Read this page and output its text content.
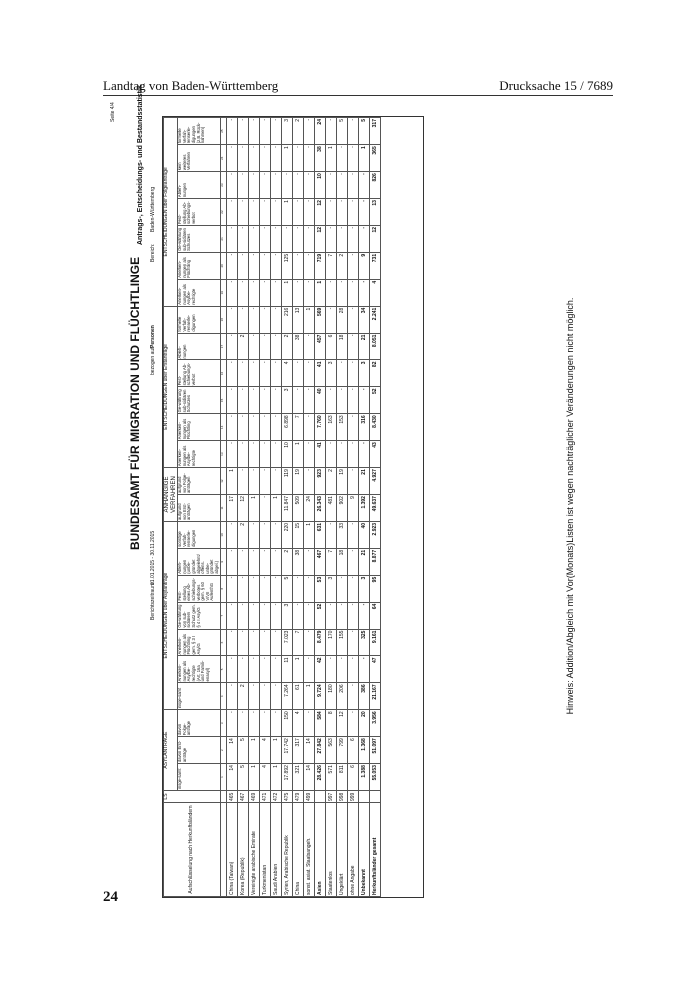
Landtag von Baden-Württemberg	Drucksache 15 / 7689
Seite 4/4
BUNDESAMT FÜR MIGRATION UND FLÜCHTLINGE
Antrags-, Entscheidungs- und Bestandsstatistik
Berichtszeitraum:
01.01.2015 - 30.11.2015
bezogen auf:
Personen
Bereich:
Baden-Württemberg
Aufschlüsselung nach Herkunftsländern	LS	ASYLANTRÄGE			ENTSCHEIDUNGEN über Asylanträge							ANHÄNGIGE VERFAHREN		ENTSCHEIDUNGEN über Erstanträge						ENTSCHEIDUNGEN über Folgeanträge						
		insge-samt	davon Erst-anträge	davon Folge-anträge	insge-samt	Anerken-nungen als Asylbe-rechtigte (Art. 16a und Famili-enasyl)	Anerken-nungen als Flüchtling gem. § 3 I AsylG	Ge-währung von sub-sidiärem Schutz gem. § 4 I AsylG	Fest-stellung eines Ab-schiebungs-verbotes gem. § 60 V/VII AufenthG	Ableh-nungen (unbe-gründet abgelehnt/ offens. unbe-gründet abgel.)	sonstige Verfah-renserle-digungen	aufgrund von Erst-anträgen	aufgrund von Folge-anträgen	Anerken-nungen als Asylbe-rechtigte	Anerken-nungen als Flüchtling	Ge-währung sub-sidiären Schutzes	Fest-stellung Ab-schiebungs-verbot	Ableh-nungen	formelle Verfah-renserle-digungen	Anerken-nungen als Asylbe-rechtigte	Anerken-nungen als Flüchtling	Ge-währung sub-sidiären Schutzes	Fest-stellung Ab-schiebungs-verbot	Ableh-nungen	kein weiteres Verfahren	formelle Verfah-renserle-digungen (z.B. Rück-nahmen)
		1	2	3	4	5	6	7	8	9	10	11	12	13	14	15	16	17	18	19	20	21	22	23	24	25
China (Taiwan)	465	14	14	-	-	-	-	-	-	-	-	17	1	-	-	-	-	-	-	-	-	-	-	-	-	-
Korea (Republik)	467	5	5	-	2	-	-	-	-	-	2	12	-	-	-	-	-	2	-	-	-	-	-	-	-	-
Vereinigte arabische Emirate	469	1	1	-	-	-	-	-	-	-	-	1	-	-	-	-	-	-	-	-	-	-	-	-	-	-
Turkmenistan	471	4	4	-	-	-	-	-	-	-	-	-	-	-	-	-	-	-	-	-	-	-	-	-	-	-
Saudi Arabien	472	1	1	-	-	-	-	-	-	-	-	1	-	-	-	-	-	-	-	-	-	-	-	-	-	-
Syrien, Arabische Republik	475	17.892	17.742	150	7.264	11	7.023	3	5	2	220	11.847	119	10	6.898	3	4	2	216	1	125	-	1	-	1	3
China	479	321	317	4	61	1	7	-	-	38	15	509	19	1	7	-	-	38	13	-	-	-	-	-	-	2
sonst. asiat. Staatsangeh.	499	14	14	-	1	-	-	-	-	-	1	24	-	-	-	-	-	-	1	-	-	-	-	-	-	-
Asien		28.426	27.842	584	9.724	42	8.479	52	53	467	631	26.343	923	41	7.760	40	41	457	569	1	719	12	12	10	38	24
Staatenlos	997	571	563	8	180	-	170	-	3	7	-	481	2	-	163	-	3	6	-	-	7	-	-	-	1	-
Ungeklärt	998	811	799	12	206	-	155	-	-	18	33	902	19	-	153	-	-	18	28	-	2	-	-	-	-	5
ohne Angabe	999	6	6	-	-	-	-	-	-	-	-	9	-	-	-	-	-	-	-	-	-	-	-	-	-	-
Unbekannt		1.388	1.368	20	386	-	325	-	3	21	40	1.392	21	-	316	-	3	21	34	-	9	-	-	-	1	5
Herkunftsländer gesamt		55.053	51.097	3.956	21.167	47	9.161	64	95	8.877	2.923	49.637	4.927	43	8.430	52	82	8.051	2.241	4	731	12	13	826	365	317
Hinweis: Addition/Abgleich mit Vor(Monats)Listen ist wegen nachträglicher Veränderungen nicht möglich.
24
